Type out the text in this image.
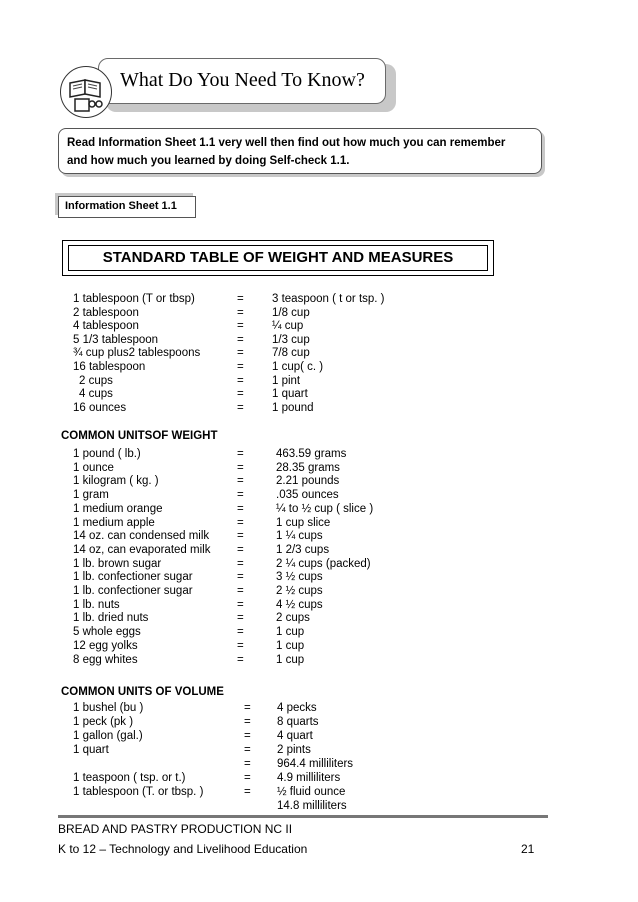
What Do You Need To Know?
Read Information Sheet 1.1 very well then find out how much you can remember
and how much you learned by doing Self-check 1.1.
Information Sheet 1.1
STANDARD TABLE OF WEIGHT AND MEASURES
1 tablespoon (T or tbsp)	= 3 teaspoon ( t or tsp. )
2 tablespoon	= 1/8 cup
4 tablespoon	= ¼ cup
5 1/3 tablespoon	= 1/3 cup
¾ cup plus2 tablespoons	= 7/8 cup
16 tablespoon	= 1 cup( c. )
2 cups	= 1 pint
4 cups	= 1 quart
16 ounces	= 1 pound
COMMON UNITSOF WEIGHT
1 pound ( lb.)	=	463.59 grams
1 ounce	=	28.35 grams
1 kilogram ( kg. )	=	2.21 pounds
1 gram	=	.035 ounces
1 medium orange	=	¼ to ½ cup ( slice )
1 medium apple	=	1 cup slice
14 oz. can condensed milk =	1 ¼ cups
14 oz, can evaporated milk =	1 2/3 cups
1 lb. brown sugar	=	2 ¼ cups (packed)
1 lb. confectioner sugar	=	3 ½ cups
1 lb. confectioner sugar	=	2 ½ cups
1 lb. nuts	=	4 ½ cups
1 lb. dried nuts	=	2 cups
5 whole eggs	=	1 cup
12 egg yolks	=	1 cup
8 egg whites	=	1 cup
COMMON UNITS OF VOLUME
1 bushel (bu )	= 4 pecks
1 peck (pk )	= 8 quarts
1 gallon (gal.)	= 4 quart
1 quart	= 2 pints
= 964.4 milliliters
1 teaspoon ( tsp. or t.)	= 4.9 milliliters
1 tablespoon (T. or tbsp. )	= ½ fluid ounce
14.8 milliliters
BREAD AND PASTRY PRODUCTION NC II
K to 12 – Technology and Livelihood Education	21
